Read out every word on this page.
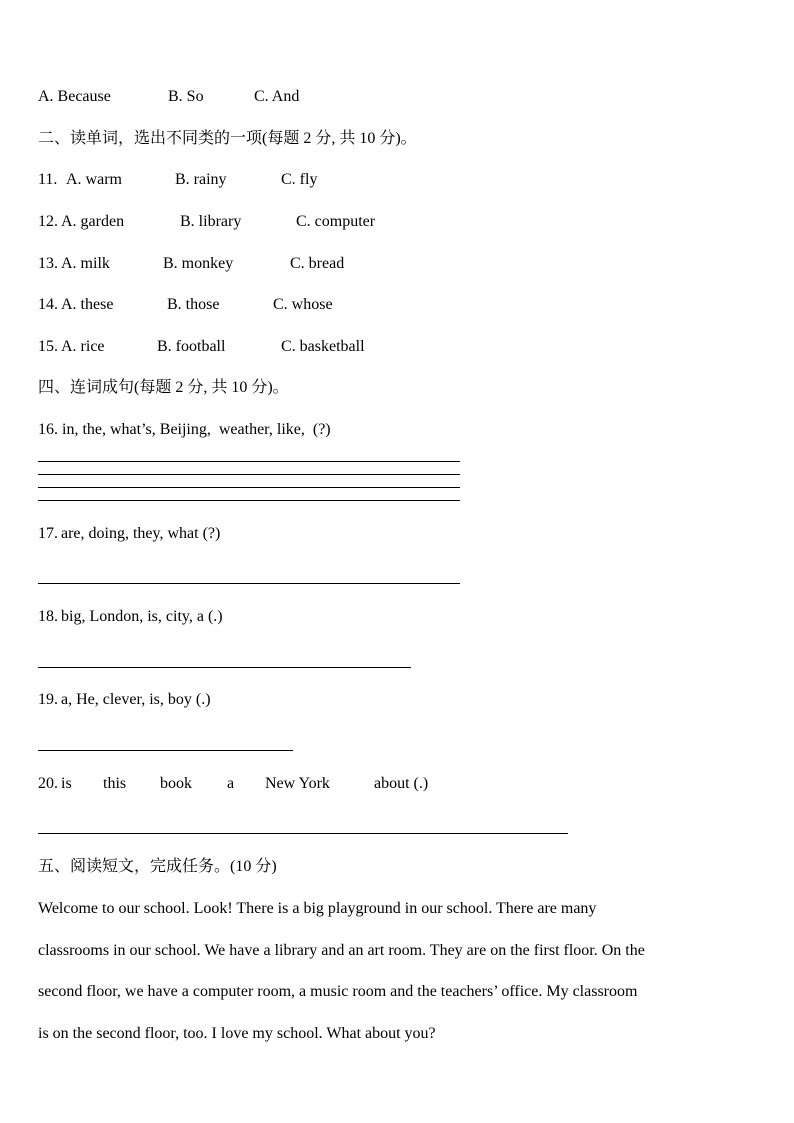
A. Because	B. So	C. And
二、读单词，选出不同类的一项(每题 2 分, 共 10 分)。
11. A. warm	B. rainy	C. fly
12. A. garden	B. library	C. computer
13. A. milk	B. monkey	C. bread
14. A. these	B. those	C. whose
15. A. rice	B. football	C. basketball
四、连词成句(每题 2 分, 共 10 分)。
16. in, the, what’s, Beijing,  weather, like,  (?)
17. are, doing, they, what (?)
18. big, London, is, city, a (.)
19. a, He, clever, is, boy (.)
20. is this book a New York	about (.)
五、阅读短文，完成任务。(10 分)
Welcome to our school. Look! There is a big playground in our school. There are many
classrooms in our school. We have a library and an art room. They are on the first floor. On the
second floor, we have a computer room, a music room and the teachers’ office. My classroom
is on the second floor, too. I love my school. What about you?
